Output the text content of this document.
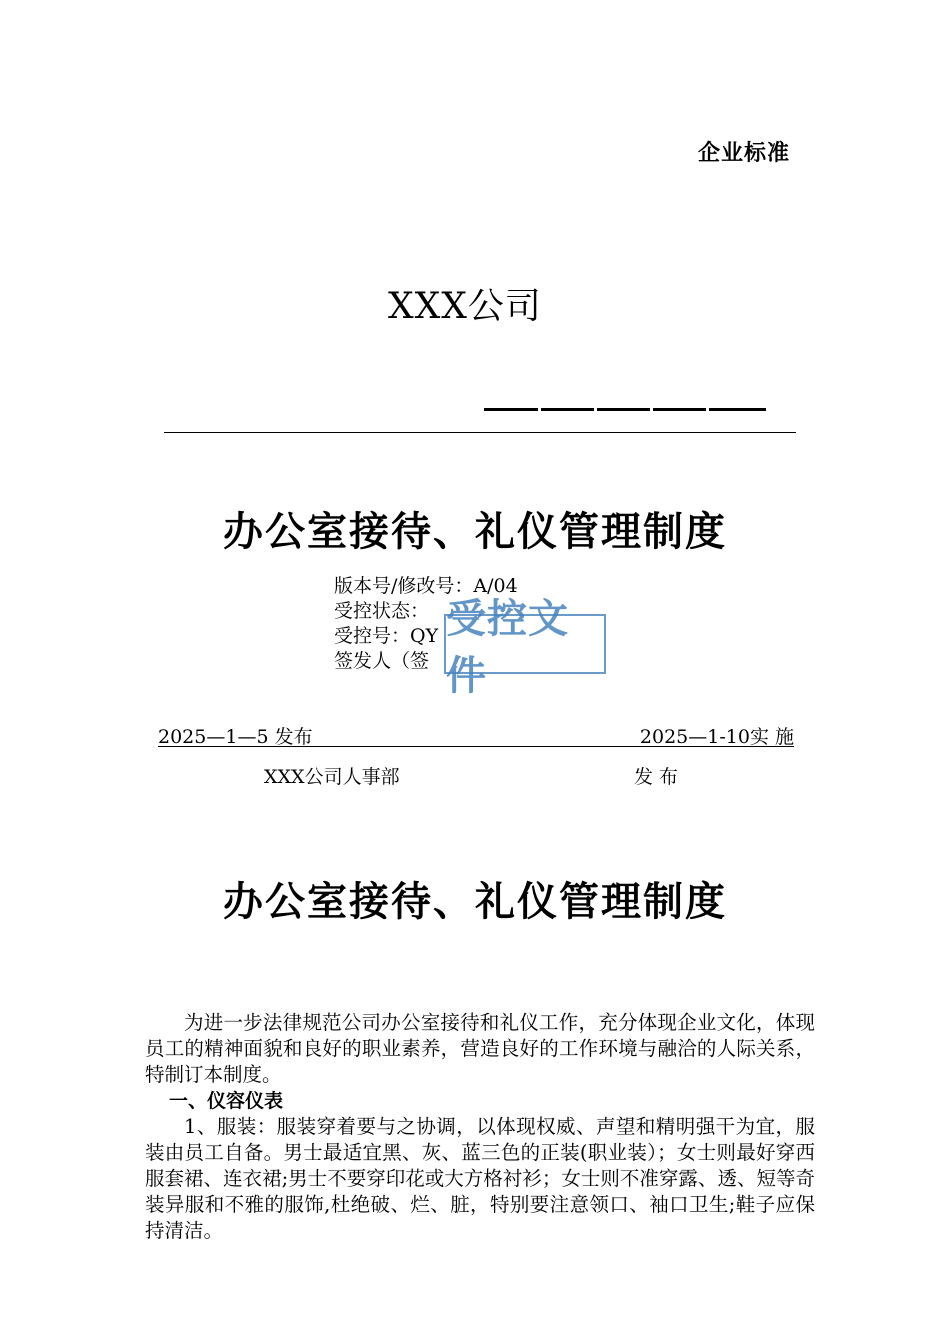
企业标准
XXX公司
办公室接待、礼仪管理制度
版本号/修改号：A/04
受控状态：
受控号：QY
签发人（签
受控文件
2025—1—5 发布	2025—1-10实 施
XXX公司人事部	发 布
办公室接待、礼仪管理制度

为进一步法律规范公司办公室接待和礼仪工作，充分体现企业文化，体现员工的精神面貌和良好的职业素养，营造良好的工作环境与融洽的人际关系，特制订本制度。

一、仪容仪表

1、服装：服装穿着要与之协调，以体现权威、声望和精明强干为宜，服装由员工自备。男士最适宜黑、灰、蓝三色的正装(职业装）；女士则最好穿西服套裙、连衣裙;男士不要穿印花或大方格衬衫；女士则不准穿露、透、短等奇装异服和不雅的服饰,杜绝破、烂、脏，特别要注意领口、袖口卫生;鞋子应保持清洁。
